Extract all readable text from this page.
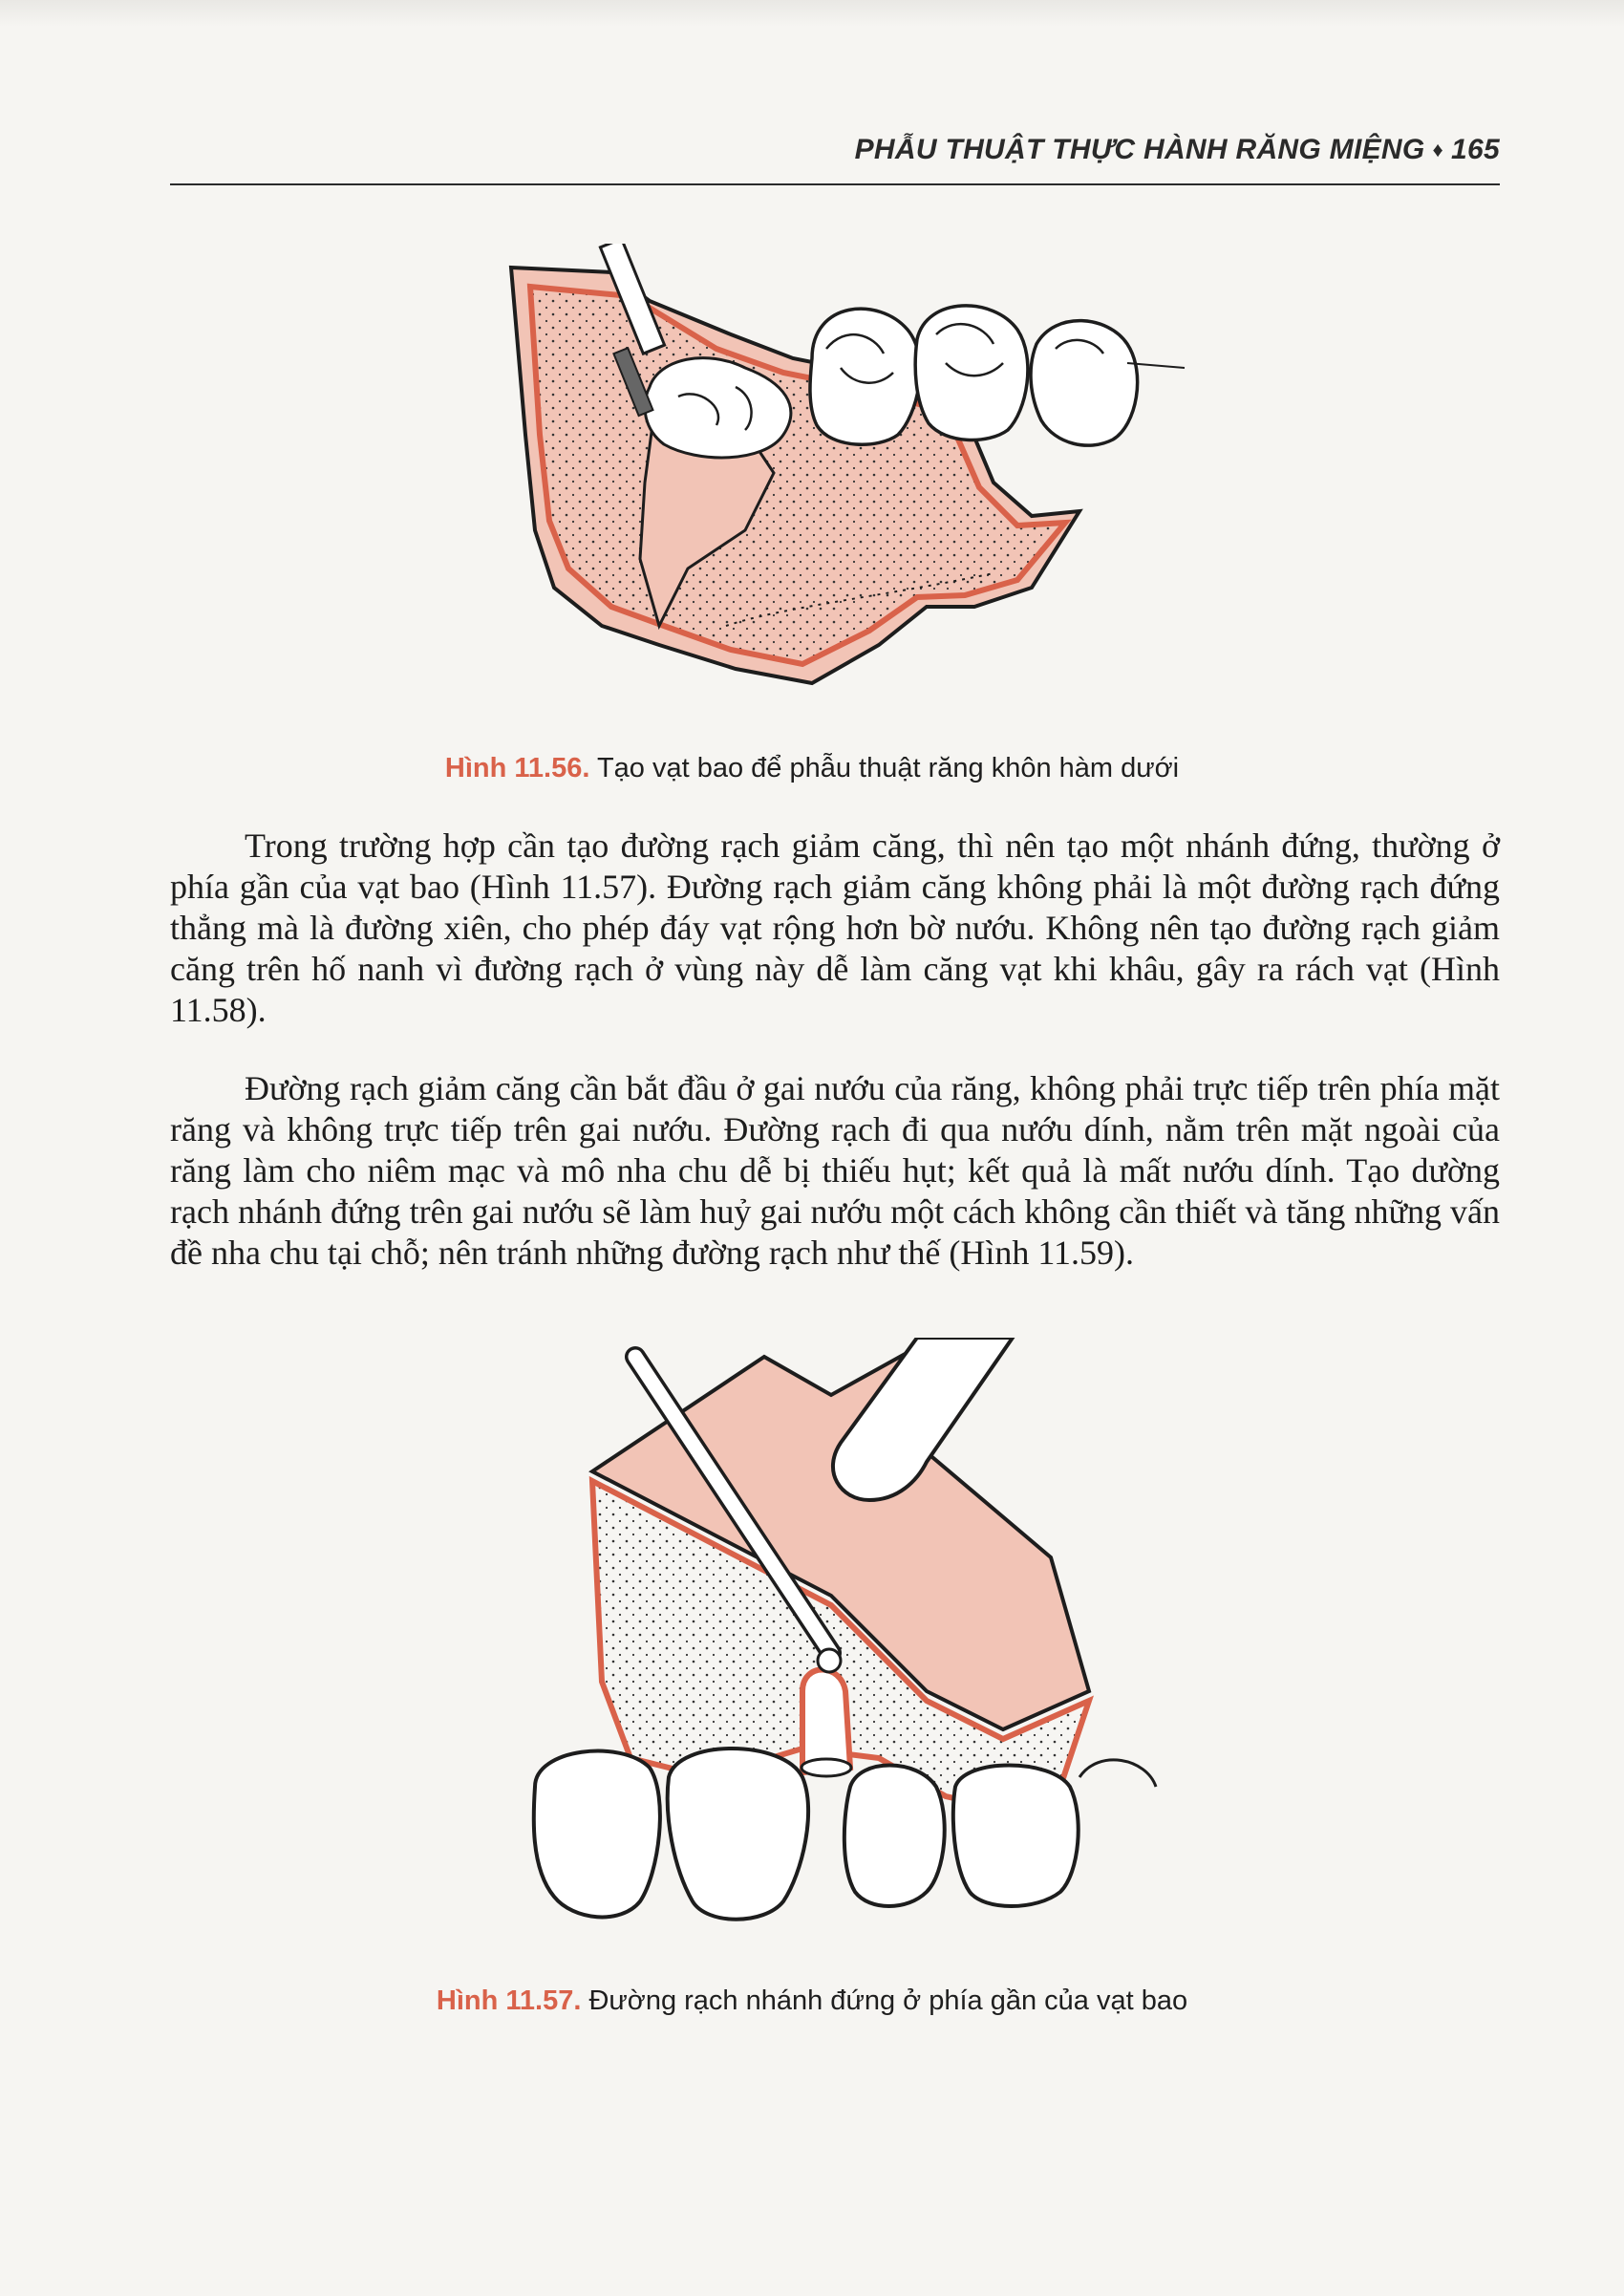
PHẪU THUẬT THỰC HÀNH RĂNG MIỆNG ♦ 165
Hình 11.56. Tạo vạt bao để phẫu thuật răng khôn hàm dưới

Trong trường hợp cần tạo đường rạch giảm căng, thì nên tạo một nhánh đứng, thường ở phía gần của vạt bao (Hình 11.57). Đường rạch giảm căng không phải là một đường rạch đứng thẳng mà là đường xiên, cho phép đáy vạt rộng hơn bờ nướu. Không nên tạo đường rạch giảm căng trên hố nanh vì đường rạch ở vùng này dễ làm căng vạt khi khâu, gây ra rách vạt (Hình 11.58).

Đường rạch giảm căng cần bắt đầu ở gai nướu của răng, không phải trực tiếp trên phía mặt răng và không trực tiếp trên gai nướu. Đường rạch đi qua nướu dính, nằm trên mặt ngoài của răng làm cho niêm mạc và mô nha chu dễ bị thiếu hụt; kết quả là mất nướu dính. Tạo dường rạch nhánh đứng trên gai nướu sẽ làm huỷ gai nướu một cách không cần thiết và tăng những vấn đề nha chu tại chỗ; nên tránh những đường rạch như thế (Hình 11.59).

Hình 11.57. Đường rạch nhánh đứng ở phía gần của vạt bao
